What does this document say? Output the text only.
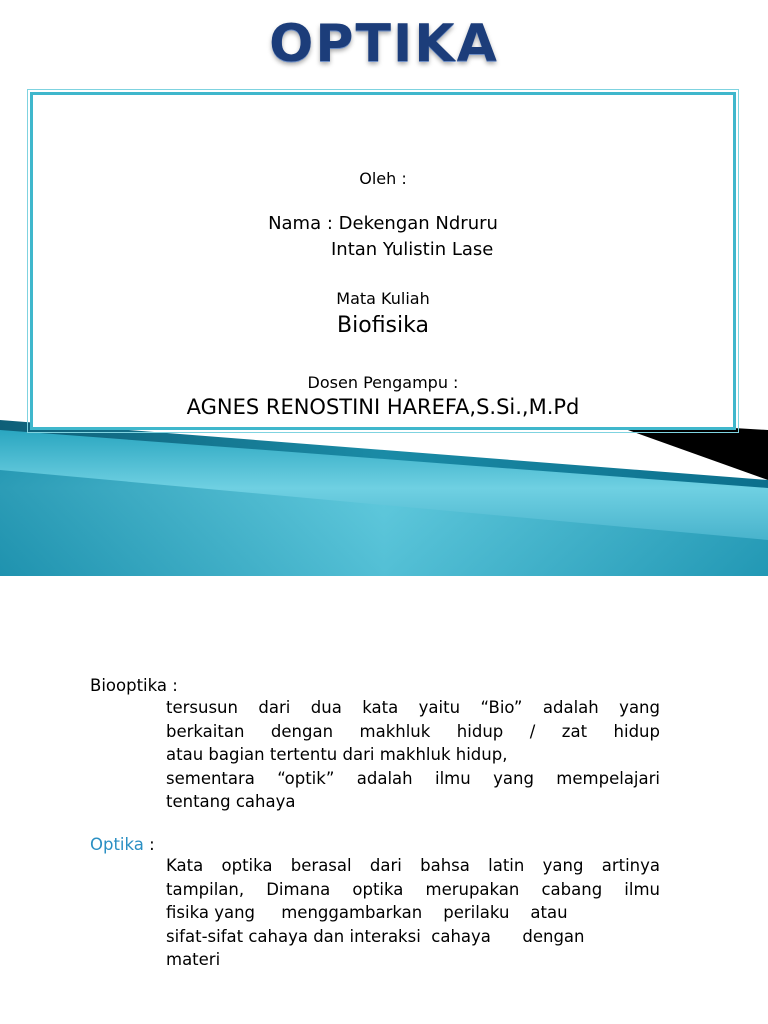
OPTIKA
Oleh :
Nama : Dekengan Ndruru
Intan Yulistin Lase
Mata Kuliah
Biofisika
Dosen Pengampu :
AGNES RENOSTINI HAREFA,S.Si.,M.Pd
Biooptika :
tersusun dari dua kata yaitu “Bio” adalah yang
berkaitan dengan makhluk hidup / zat hidup
atau bagian tertentu dari makhluk hidup,
sementara “optik” adalah ilmu yang mempelajari
tentang cahaya
Optika :
Kata optika berasal dari bahsa latin yang artinya
tampilan, Dimana optika merupakan cabang ilmu
fisika yang     menggambarkan    perilaku    atau
sifat-sifat cahaya dan interaksi  cahaya      dengan
materi
